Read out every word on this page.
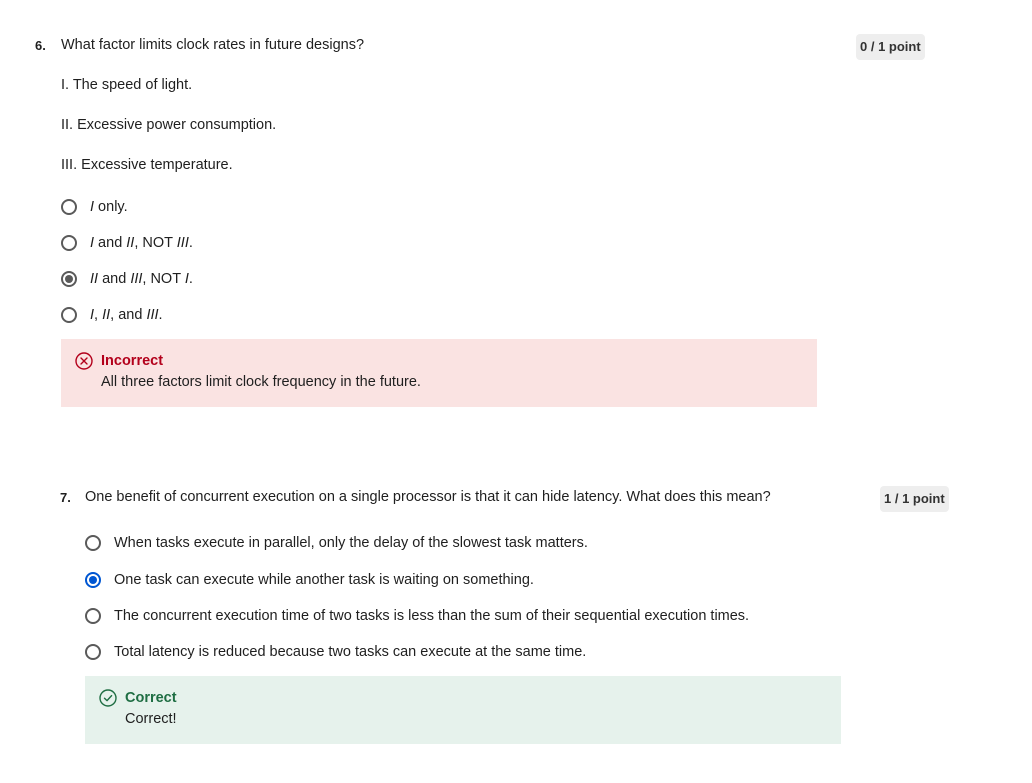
6. What factor limits clock rates in future designs?	0 / 1 point
I. The speed of light.
II. Excessive power consumption.
III. Excessive temperature.
I only.
I and II, NOT III.
II and III, NOT I.
I, II, and III.
Incorrect
All three factors limit clock frequency in the future.
7. One benefit of concurrent execution on a single processor is that it can hide latency. What does this mean?	1 / 1 point
When tasks execute in parallel, only the delay of the slowest task matters.
One task can execute while another task is waiting on something.
The concurrent execution time of two tasks is less than the sum of their sequential execution times.
Total latency is reduced because two tasks can execute at the same time.
Correct
Correct!
